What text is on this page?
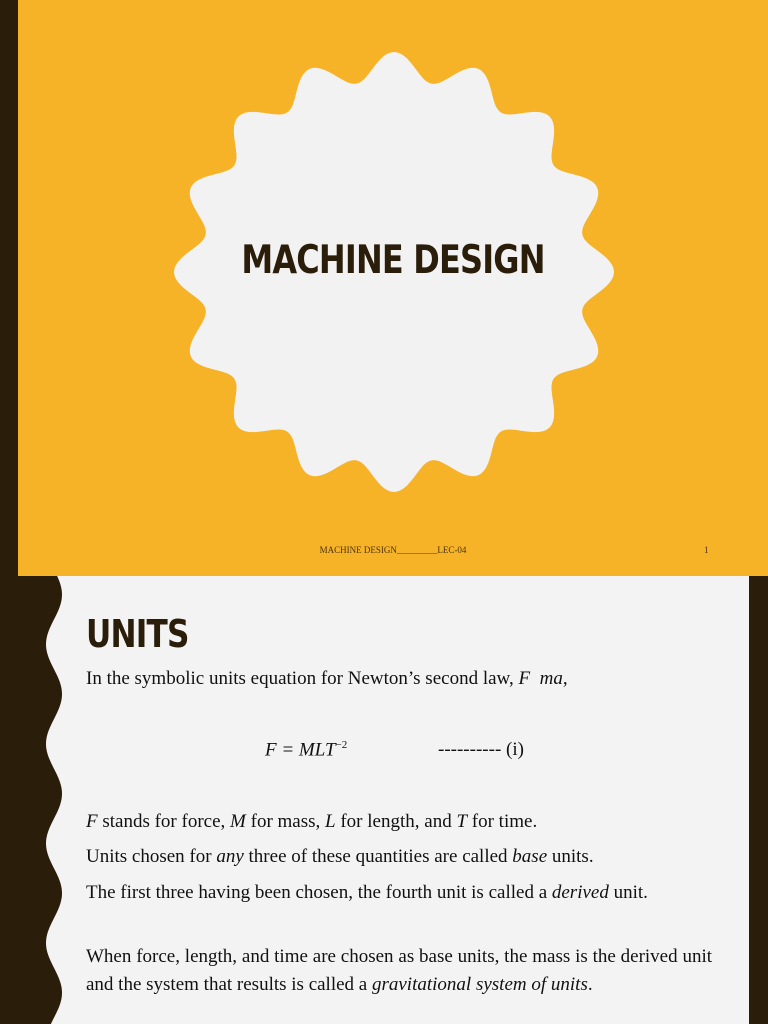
MACHINE DESIGN
MACHINE DESIGN_________LEC-04	1
UNITS
In the symbolic units equation for Newton’s second law, F ma,
$F = MLT^{-2}$	---------- (i)
F stands for force, M for mass, L for length, and T for time.
Units chosen for any three of these quantities are called base units.
The first three having been chosen, the fourth unit is called a derived unit.
When force, length, and time are chosen as base units, the mass is the derived unit and the system that results is called a gravitational system of units.
